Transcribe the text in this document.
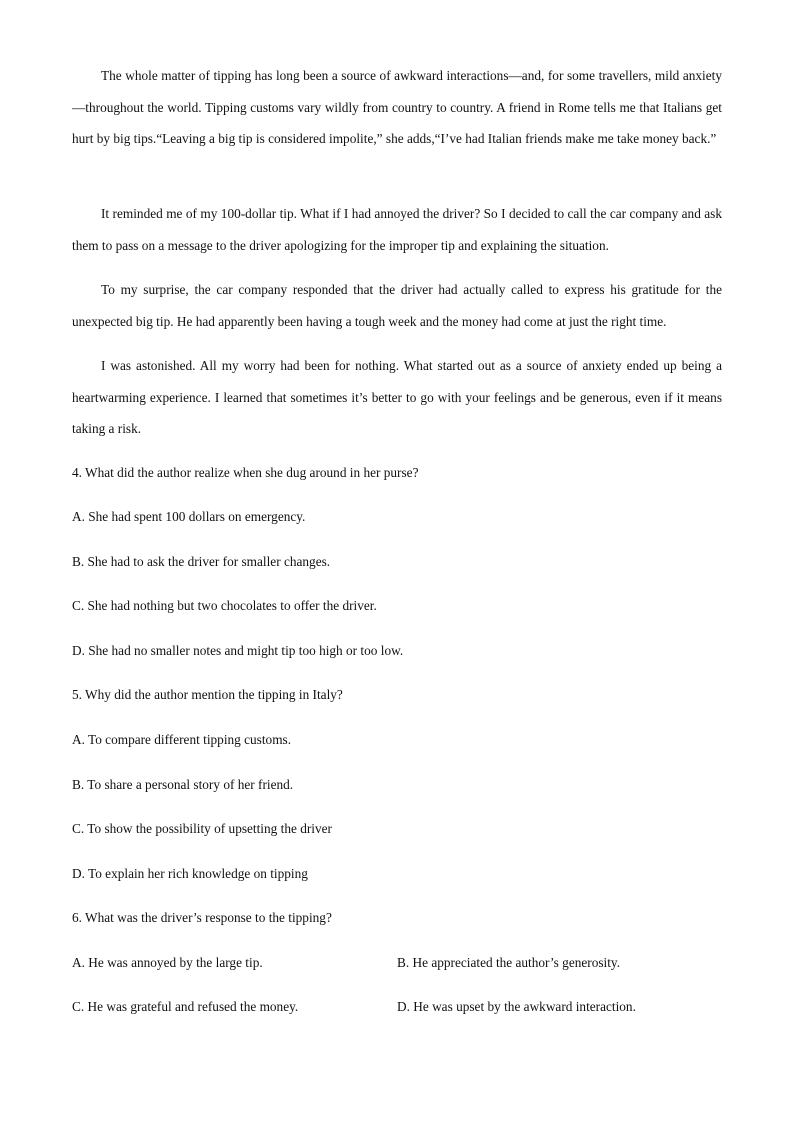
The whole matter of tipping has long been a source of awkward interactions—and, for some travellers, mild anxiety—throughout the world. Tipping customs vary wildly from country to country. A friend in Rome tells me that Italians get hurt by big tips.“Leaving a big tip is considered impolite,” she adds,“I’ve had Italian friends make me take money back.”

It reminded me of my 100-dollar tip. What if I had annoyed the driver? So I decided to call the car company and ask them to pass on a message to the driver apologizing for the improper tip and explaining the situation.

To my surprise, the car company responded that the driver had actually called to express his gratitude for the unexpected big tip. He had apparently been having a tough week and the money had come at just the right time.

I was astonished. All my worry had been for nothing. What started out as a source of anxiety ended up being a heartwarming experience. I learned that sometimes it’s better to go with your feelings and be generous, even if it means taking a risk.

4. What did the author realize when she dug around in her purse?

A. She had spent 100 dollars on emergency.

B. She had to ask the driver for smaller changes.

C. She had nothing but two chocolates to offer the driver.

D. She had no smaller notes and might tip too high or too low.

5. Why did the author mention the tipping in Italy?

A. To compare different tipping customs.

B. To share a personal story of her friend.

C. To show the possibility of upsetting the driver

D. To explain her rich knowledge on tipping

6. What was the driver’s response to the tipping?

A. He was annoyed by the large tip.	B. He appreciated the author’s generosity.

C. He was grateful and refused the money.	D. He was upset by the awkward interaction.
